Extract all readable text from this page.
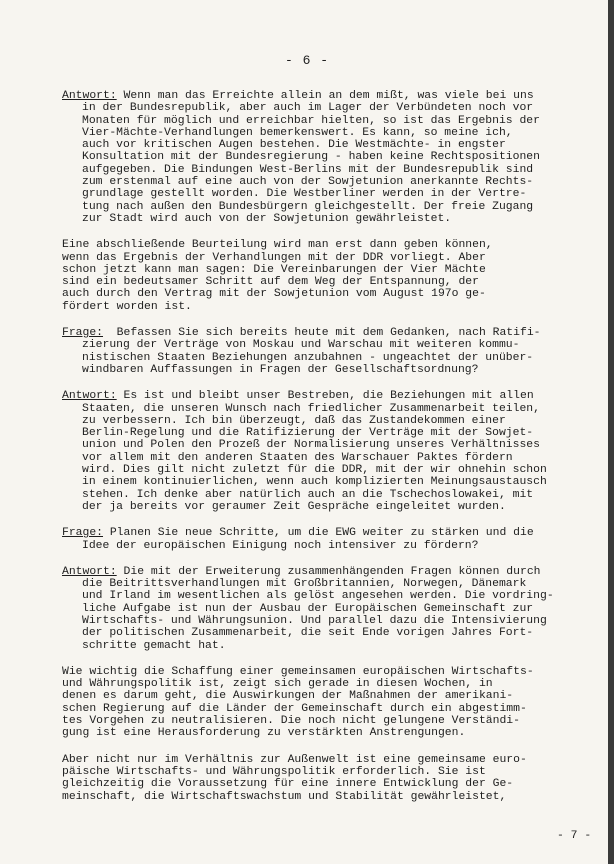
- 6 -
Antwort: Wenn man das Erreichte allein an dem mißt, was viele bei uns
in der Bundesrepublik, aber auch im Lager der Verbündeten noch vor
Monaten für möglich und erreichbar hielten, so ist das Ergebnis der
Vier-Mächte-Verhandlungen bemerkenswert. Es kann, so meine ich,
auch vor kritischen Augen bestehen. Die Westmächte- in engster
Konsultation mit der Bundesregierung - haben keine Rechtspositionen
aufgegeben. Die Bindungen West-Berlins mit der Bundesrepublik sind
zum erstenmal auf eine auch von der Sowjetunion anerkannte Rechts-
grundlage gestellt worden. Die Westberliner werden in der Vertre-
tung nach außen den Bundesbürgern gleichgestellt. Der freie Zugang
zur Stadt wird auch von der Sowjetunion gewährleistet.
Eine abschließende Beurteilung wird man erst dann geben können,
wenn das Ergebnis der Verhandlungen mit der DDR vorliegt. Aber
schon jetzt kann man sagen: Die Vereinbarungen der Vier Mächte
sind ein bedeutsamer Schritt auf dem Weg der Entspannung, der
auch durch den Vertrag mit der Sowjetunion vom August 197o ge-
fördert worden ist.
Frage:  Befassen Sie sich bereits heute mit dem Gedanken, nach Ratifi-
zierung der Verträge von Moskau und Warschau mit weiteren kommu-
nistischen Staaten Beziehungen anzubahnen - ungeachtet der unüber-
windbaren Auffassungen in Fragen der Gesellschaftsordnung?
Antwort: Es ist und bleibt unser Bestreben, die Beziehungen mit allen
Staaten, die unseren Wunsch nach friedlicher Zusammenarbeit teilen,
zu verbessern. Ich bin überzeugt, daß das Zustandekommen einer
Berlin-Regelung und die Ratifizierung der Verträge mit der Sowjet-
union und Polen den Prozeß der Normalisierung unseres Verhältnisses
vor allem mit den anderen Staaten des Warschauer Paktes fördern
wird. Dies gilt nicht zuletzt für die DDR, mit der wir ohnehin schon
in einem kontinuierlichen, wenn auch komplizierten Meinungsaustausch
stehen. Ich denke aber natürlich auch an die Tschechoslowakei, mit
der ja bereits vor geraumer Zeit Gespräche eingeleitet wurden.
Frage: Planen Sie neue Schritte, um die EWG weiter zu stärken und die
Idee der europäischen Einigung noch intensiver zu fördern?
Antwort: Die mit der Erweiterung zusammenhängenden Fragen können durch
die Beitrittsverhandlungen mit Großbritannien, Norwegen, Dänemark
und Irland im wesentlichen als gelöst angesehen werden. Die vordring-
liche Aufgabe ist nun der Ausbau der Europäischen Gemeinschaft zur
Wirtschafts- und Währungsunion. Und parallel dazu die Intensivierung
der politischen Zusammenarbeit, die seit Ende vorigen Jahres Fort-
schritte gemacht hat.
Wie wichtig die Schaffung einer gemeinsamen europäischen Wirtschafts-
und Währungspolitik ist, zeigt sich gerade in diesen Wochen, in
denen es darum geht, die Auswirkungen der Maßnahmen der amerikani-
schen Regierung auf die Länder der Gemeinschaft durch ein abgestimm-
tes Vorgehen zu neutralisieren. Die noch nicht gelungene Verständi-
gung ist eine Herausforderung zu verstärkten Anstrengungen.
Aber nicht nur im Verhältnis zur Außenwelt ist eine gemeinsame euro-
päische Wirtschafts- und Währungspolitik erforderlich. Sie ist
gleichzeitig die Voraussetzung für eine innere Entwicklung der Ge-
meinschaft, die Wirtschaftswachstum und Stabilität gewährleistet,
- 7 -
